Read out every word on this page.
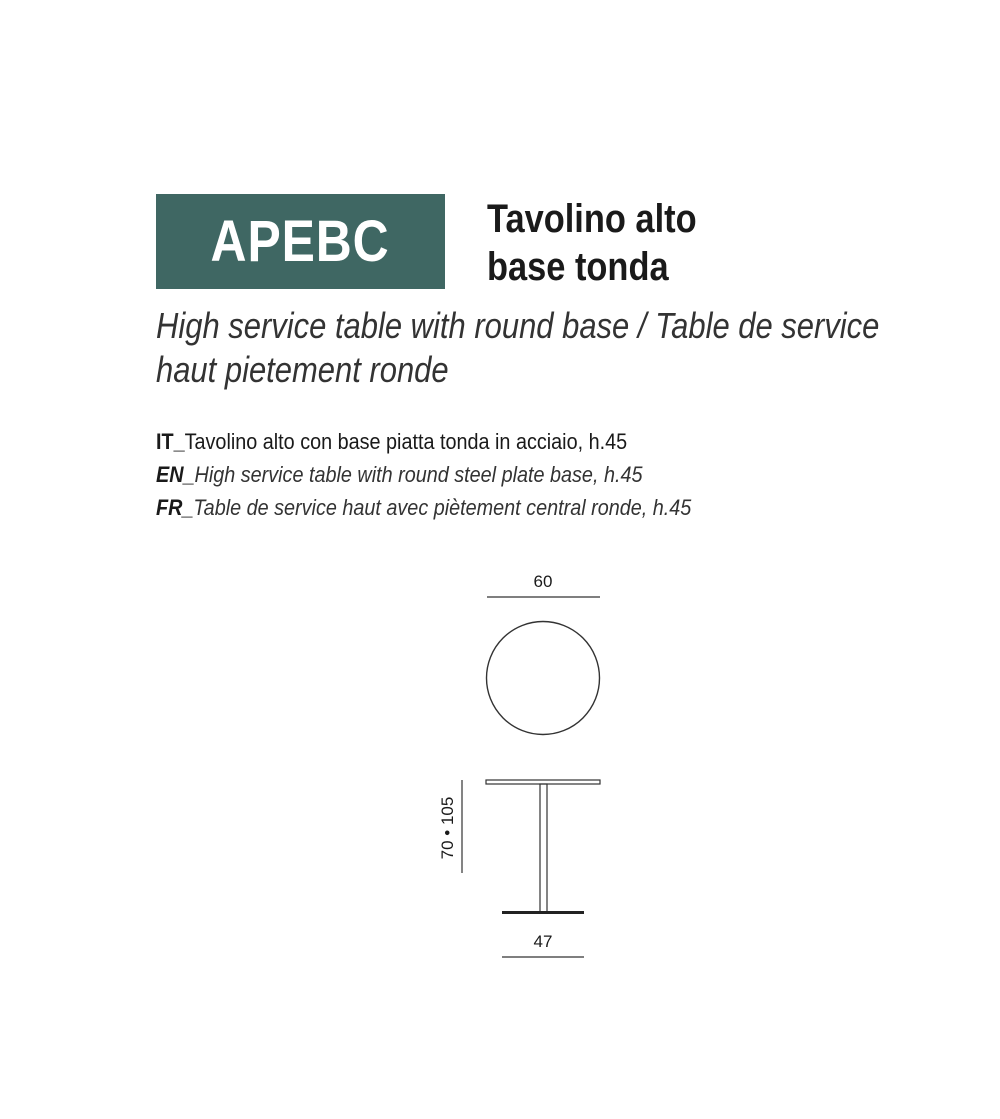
APEBC Tavolino alto
base tonda
High service table with round base / Table de service
haut pietement ronde
IT_Tavolino alto con base piatta tonda in acciaio, h.45
EN_High service table with round steel plate base, h.45
FR_Table de service haut avec piètement central ronde, h.45
60
70 • 105
47
